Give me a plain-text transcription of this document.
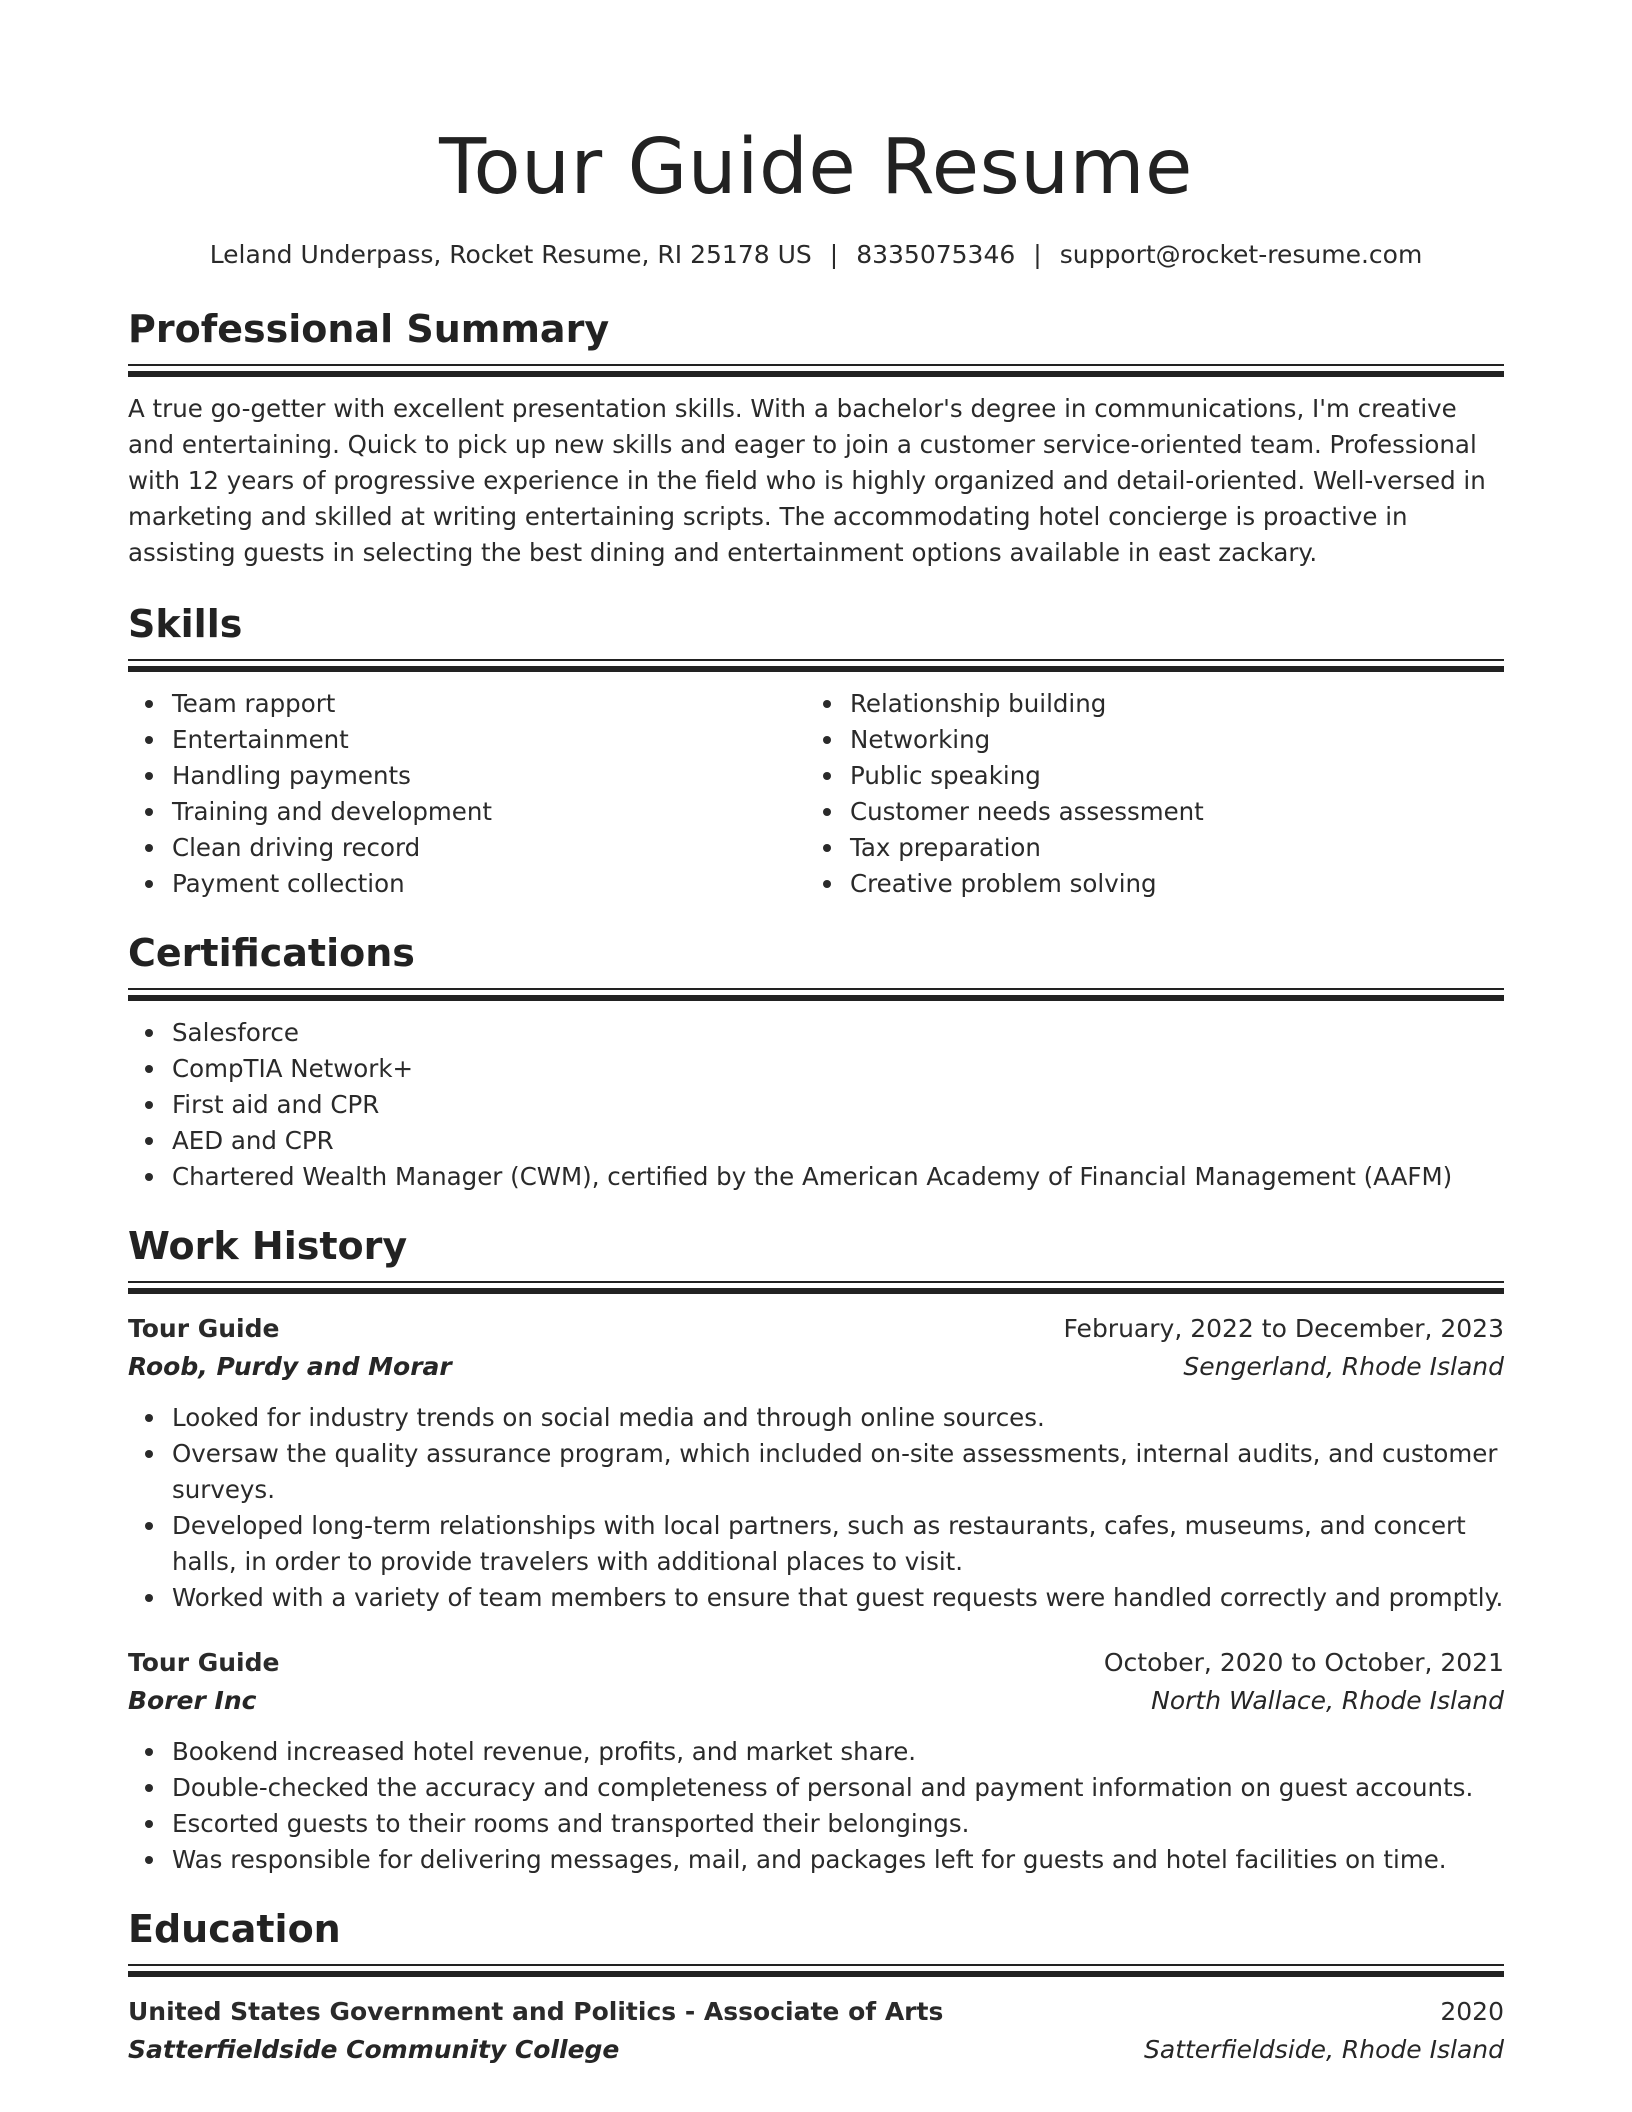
Tour Guide Resume
Leland Underpass, Rocket Resume, RI 25178 US | 8335075346 | support@rocket-resume.com
Professional Summary
A true go-getter with excellent presentation skills. With a bachelor's degree in communications, I'm creative and entertaining. Quick to pick up new skills and eager to join a customer service-oriented team. Professional with 12 years of progressive experience in the field who is highly organized and detail-oriented. Well-versed in marketing and skilled at writing entertaining scripts. The accommodating hotel concierge is proactive in assisting guests in selecting the best dining and entertainment options available in east zackary.
Skills
Team rapport
Entertainment
Handling payments
Training and development
Clean driving record
Payment collection
Relationship building
Networking
Public speaking
Customer needs assessment
Tax preparation
Creative problem solving
Certifications
Salesforce
CompTIA Network+
First aid and CPR
AED and CPR
Chartered Wealth Manager (CWM), certified by the American Academy of Financial Management (AAFM)
Work History
Tour Guide	February, 2022 to December, 2023
Roob, Purdy and Morar	Sengerland, Rhode Island
Looked for industry trends on social media and through online sources.
Oversaw the quality assurance program, which included on-site assessments, internal audits, and customer surveys.
Developed long-term relationships with local partners, such as restaurants, cafes, museums, and concert halls, in order to provide travelers with additional places to visit.
Worked with a variety of team members to ensure that guest requests were handled correctly and promptly.
Tour Guide	October, 2020 to October, 2021
Borer Inc	North Wallace, Rhode Island
Bookend increased hotel revenue, profits, and market share.
Double-checked the accuracy and completeness of personal and payment information on guest accounts.
Escorted guests to their rooms and transported their belongings.
Was responsible for delivering messages, mail, and packages left for guests and hotel facilities on time.
Education
United States Government and Politics - Associate of Arts	2020
Satterfieldside Community College	Satterfieldside, Rhode Island
